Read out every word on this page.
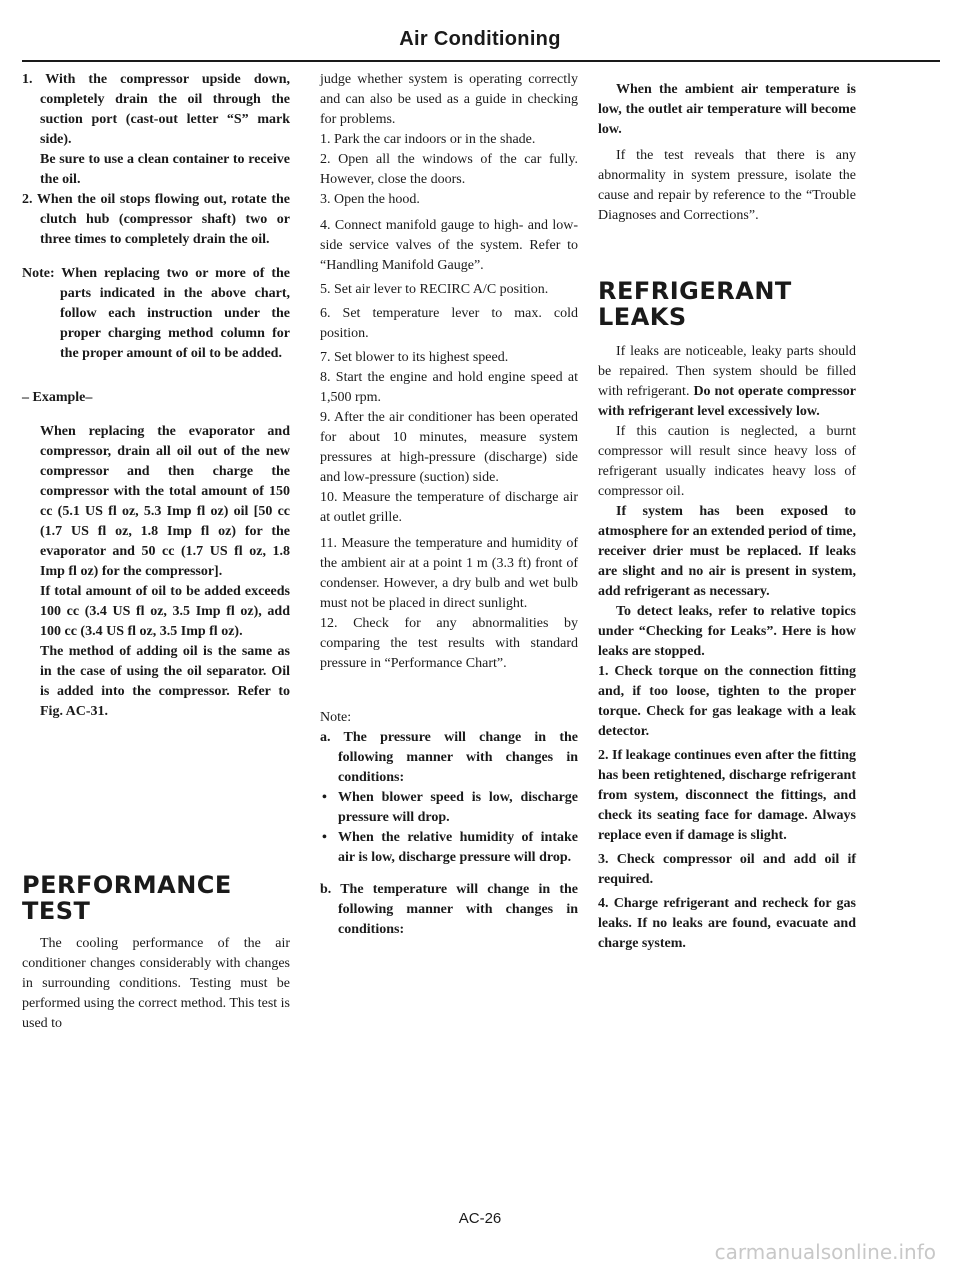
Air Conditioning

1. With the compressor upside down, completely drain the oil through the suction port (cast-out letter “S” mark side).

Be sure to use a clean container to receive the oil.

2. When the oil stops flowing out, rotate the clutch hub (compressor shaft) two or three times to completely drain the oil.

Note: When replacing two or more of the parts indicated in the above chart, follow each instruction under the proper charging method column for the proper amount of oil to be added.

– Example–

When replacing the evaporator and compressor, drain all oil out of the new compressor and then charge the compressor with the total amount of 150 cc (5.1 US fl oz, 5.3 Imp fl oz) oil [50 cc (1.7 US fl oz, 1.8 Imp fl oz) for the evaporator and 50 cc (1.7 US fl oz, 1.8 Imp fl oz) for the compressor].

If total amount of oil to be added exceeds 100 cc (3.4 US fl oz, 3.5 Imp fl oz), add 100 cc (3.4 US fl oz, 3.5 Imp fl oz).

The method of adding oil is the same as in the case of using the oil separator. Oil is added into the compressor. Refer to Fig. AC-31.

PERFORMANCE TEST

The cooling performance of the air conditioner changes considerably with changes in surrounding conditions. Testing must be performed using the correct method. This test is used to

judge whether system is operating correctly and can also be used as a guide in checking for problems.

1. Park the car indoors or in the shade.

2. Open all the windows of the car fully. However, close the doors.

3. Open the hood.

4. Connect manifold gauge to high- and low-side service valves of the system. Refer to “Handling Manifold Gauge”.

5. Set air lever to RECIRC A/C position.

6. Set temperature lever to max. cold position.

7. Set blower to its highest speed.

8. Start the engine and hold engine speed at 1,500 rpm.

9. After the air conditioner has been operated for about 10 minutes, measure system pressures at high-pressure (discharge) side and low-pressure (suction) side.

10. Measure the temperature of discharge air at outlet grille.

11. Measure the temperature and humidity of the ambient air at a point 1 m (3.3 ft) front of condenser. However, a dry bulb and wet bulb must not be placed in direct sunlight.

12. Check for any abnormalities by comparing the test results with standard pressure in “Performance Chart”.

Note:

a. The pressure will change in the following manner with changes in conditions:

• When blower speed is low, discharge pressure will drop.

• When the relative humidity of intake air is low, discharge pressure will drop.

b. The temperature will change in the following manner with changes in conditions:

When the ambient air temperature is low, the outlet air temperature will become low.

If the test reveals that there is any abnormality in system pressure, isolate the cause and repair by reference to the “Trouble Diagnoses and Corrections”.

REFRIGERANT
LEAKS

If leaks are noticeable, leaky parts should be repaired. Then system should be filled with refrigerant. Do not operate compressor with refrigerant level excessively low.

If this caution is neglected, a burnt compressor will result since heavy loss of refrigerant usually indicates heavy loss of compressor oil.

If system has been exposed to atmosphere for an extended period of time, receiver drier must be replaced. If leaks are slight and no air is present in system, add refrigerant as necessary.

To detect leaks, refer to relative topics under “Checking for Leaks”. Here is how leaks are stopped.

1. Check torque on the connection fitting and, if too loose, tighten to the proper torque. Check for gas leakage with a leak detector.

2. If leakage continues even after the fitting has been retightened, discharge refrigerant from system, disconnect the fittings, and check its seating face for damage. Always replace even if damage is slight.

3. Check compressor oil and add oil if required.

4. Charge refrigerant and recheck for gas leaks. If no leaks are found, evacuate and charge system.

AC-26
carmanualsonline.info
